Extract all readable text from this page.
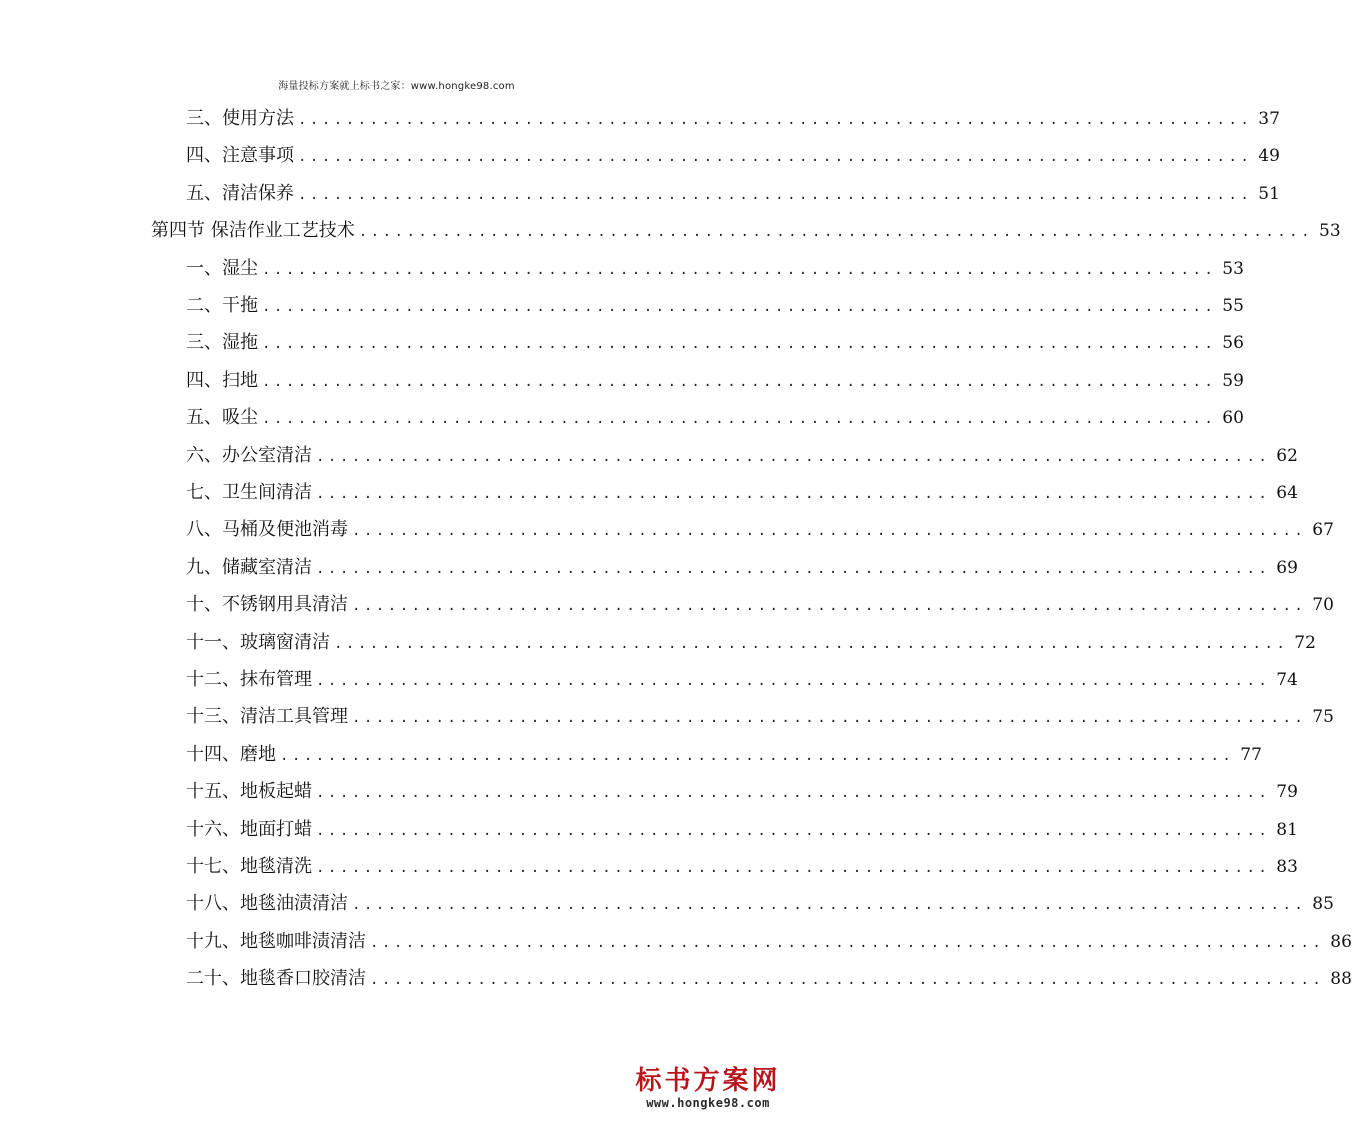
海量投标方案就上标书之家：www.hongke98.com
三、使用方法 ................................................................................ 37
四、注意事项 ................................................................................ 49
五、清洁保养 ................................................................................ 51
第四节 保洁作业工艺技术 ................................................................................ 53
一、湿尘 ................................................................................ 53
二、干拖 ................................................................................ 55
三、湿拖 ................................................................................ 56
四、扫地 ................................................................................ 59
五、吸尘 ................................................................................ 60
六、办公室清洁 ................................................................................ 62
七、卫生间清洁 ................................................................................ 64
八、马桶及便池消毒 ................................................................................ 67
九、储藏室清洁 ................................................................................ 69
十、不锈钢用具清洁 ................................................................................ 70
十一、玻璃窗清洁 ................................................................................ 72
十二、抹布管理 ................................................................................ 74
十三、清洁工具管理 ................................................................................ 75
十四、磨地 ................................................................................ 77
十五、地板起蜡 ................................................................................ 79
十六、地面打蜡 ................................................................................ 81
十七、地毯清洗 ................................................................................ 83
十八、地毯油渍清洁 ................................................................................ 85
十九、地毯咖啡渍清洁 ................................................................................ 86
二十、地毯香口胶清洁 ................................................................................ 88
标书方案网
www.hongke98.com
